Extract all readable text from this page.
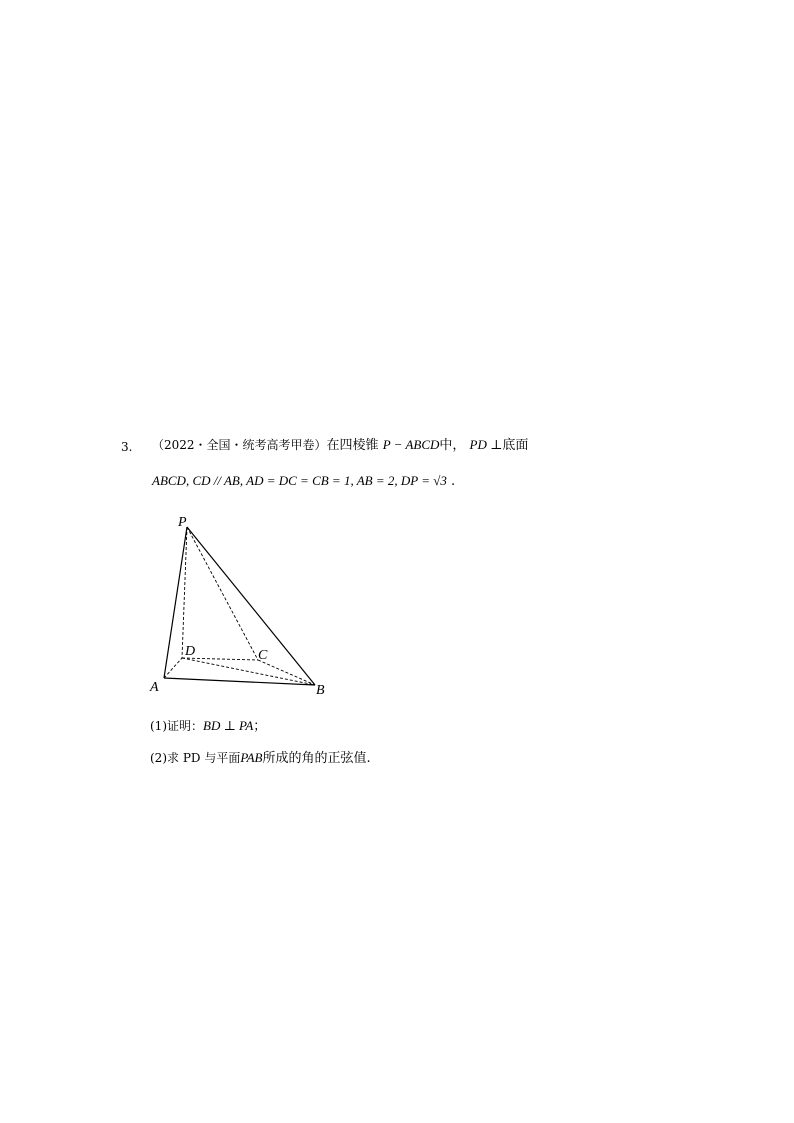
3. （2022・全国・统考高考甲卷）在四棱锥 P − ABCD中， PD ⊥底面
ABCD, CD // AB, AD = DC = CB = 1, AB = 2, DP = √3 .
P
A	B
C
D
(1)证明：BD ⊥ PA；
(2)求 PD 与平面PAB所成的角的正弦值.
